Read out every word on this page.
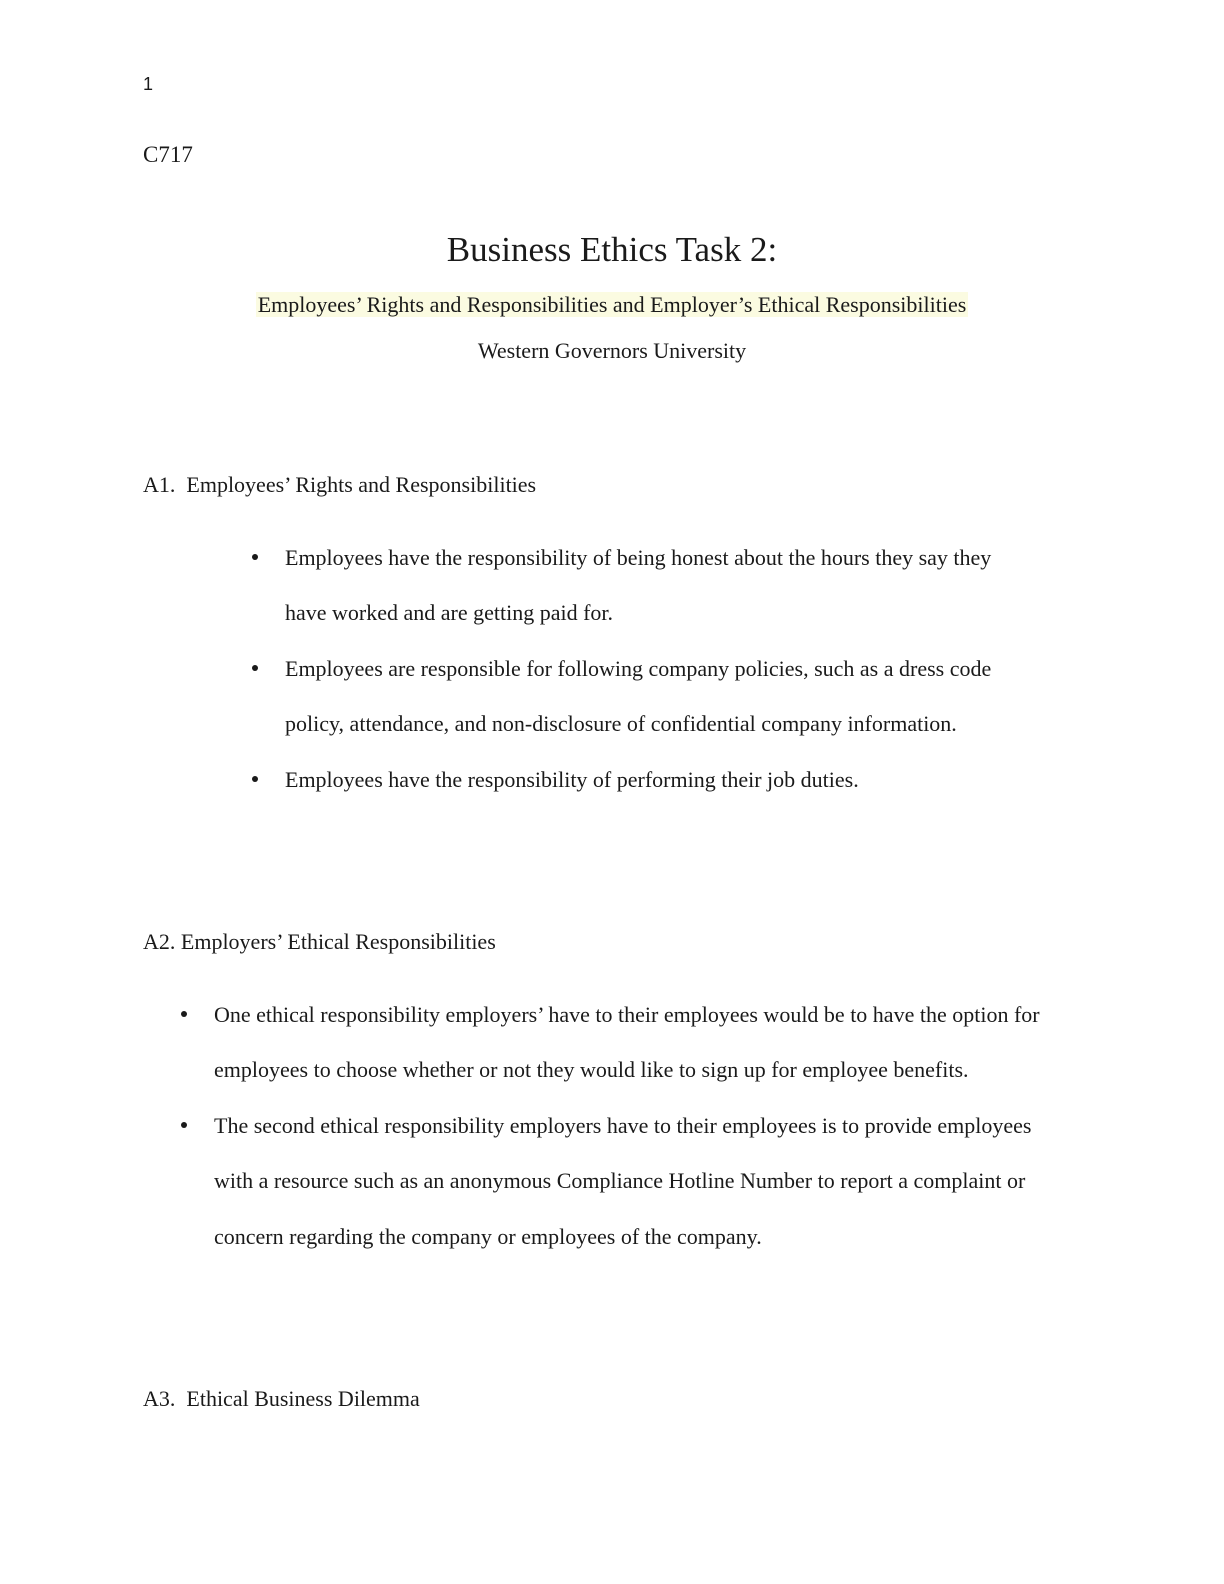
1
C717
Business Ethics Task 2:
Employees’ Rights and Responsibilities and Employer’s Ethical Responsibilities
Western Governors University
A1.  Employees’ Rights and Responsibilities
Employees have the responsibility of being honest about the hours they say they have worked and are getting paid for.
Employees are responsible for following company policies, such as a dress code policy, attendance, and non-disclosure of confidential company information.
Employees have the responsibility of performing their job duties.
A2. Employers’ Ethical Responsibilities
One ethical responsibility employers’ have to their employees would be to have the option for employees to choose whether or not they would like to sign up for employee benefits.
The second ethical responsibility employers have to their employees is to provide employees with a resource such as an anonymous Compliance Hotline Number to report a complaint or concern regarding the company or employees of the company.
A3.  Ethical Business Dilemma
